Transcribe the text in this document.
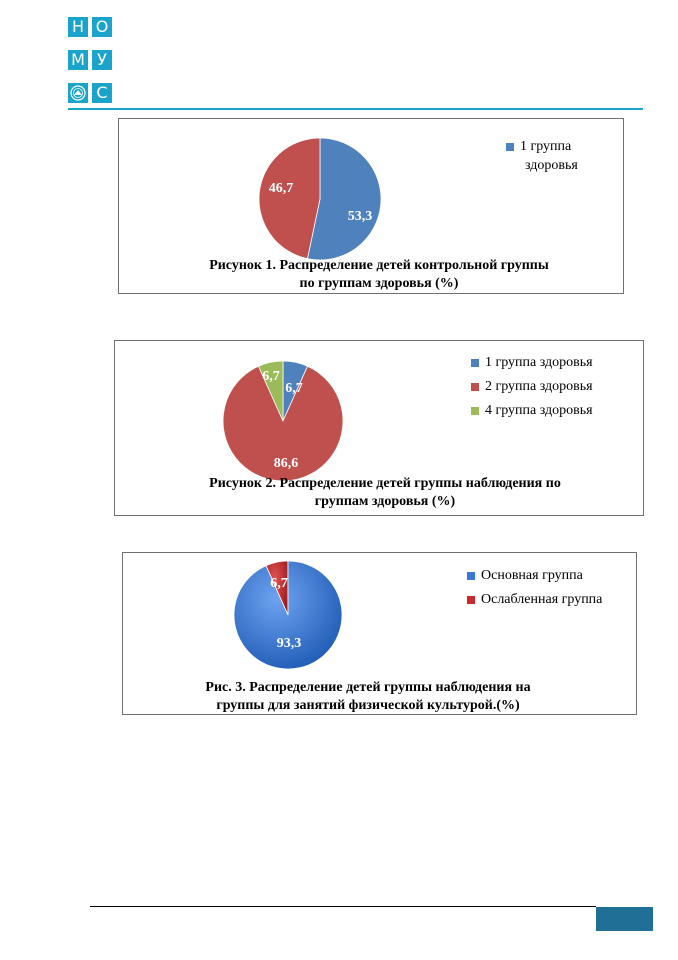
Н О
М У
С
53,3
46,7
1 группа
здоровья
Рисунок 1. Распределение детей контрольной группы
по группам здоровья (%)
6,7
86,6
6,7
1 группа здоровья
2 группа здоровья
4 группа здоровья
Рисунок 2. Распределение детей группы наблюдения по
группам здоровья (%)
6,7
93,3
Основная группа
Ослабленная группа
Рис. 3. Распределение детей группы наблюдения на
группы для занятий физической культурой.(%)
